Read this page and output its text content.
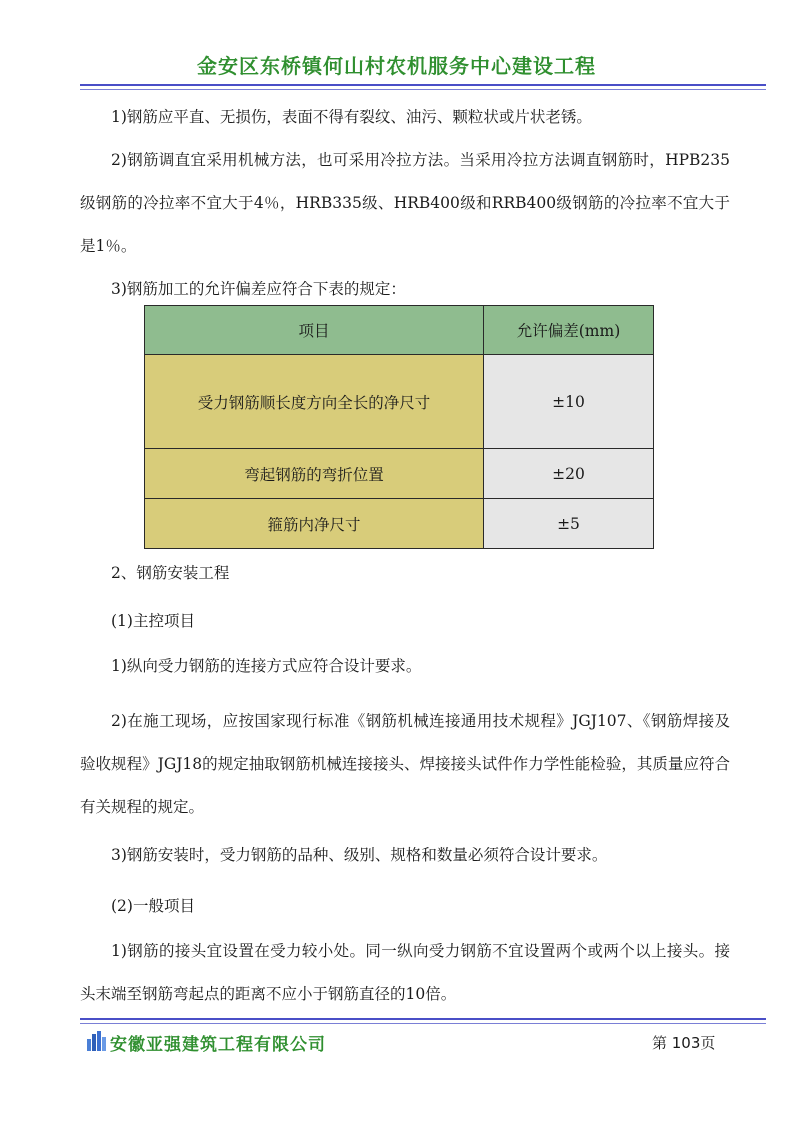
金安区东桥镇何山村农机服务中心建设工程
1)钢筋应平直、无损伤，表面不得有裂纹、油污、颗粒状或片状老锈。
2)钢筋调直宜采用机械方法，也可采用冷拉方法。当采用冷拉方法调直钢筋时，HPB235级钢筋的冷拉率不宜大于4％，HRB335级、HRB400级和RRB400级钢筋的冷拉率不宜大于是1％。
3)钢筋加工的允许偏差应符合下表的规定：
项目	允许偏差(mm)
受力钢筋顺长度方向全长的净尺寸	±10
弯起钢筋的弯折位置	±20
箍筋内净尺寸	±5
2、钢筋安装工程
(1)主控项目
1)纵向受力钢筋的连接方式应符合设计要求。
2)在施工现场，应按国家现行标准《钢筋机械连接通用技术规程》JGJ107、《钢筋焊接及验收规程》JGJ18的规定抽取钢筋机械连接接头、焊接接头试件作力学性能检验，其质量应符合有关规程的规定。
3)钢筋安装时，受力钢筋的品种、级别、规格和数量必须符合设计要求。
(2)一般项目
1)钢筋的接头宜设置在受力较小处。同一纵向受力钢筋不宜设置两个或两个以上接头。接头末端至钢筋弯起点的距离不应小于钢筋直径的10倍。
安徽亚强建筑工程有限公司	第 103页
